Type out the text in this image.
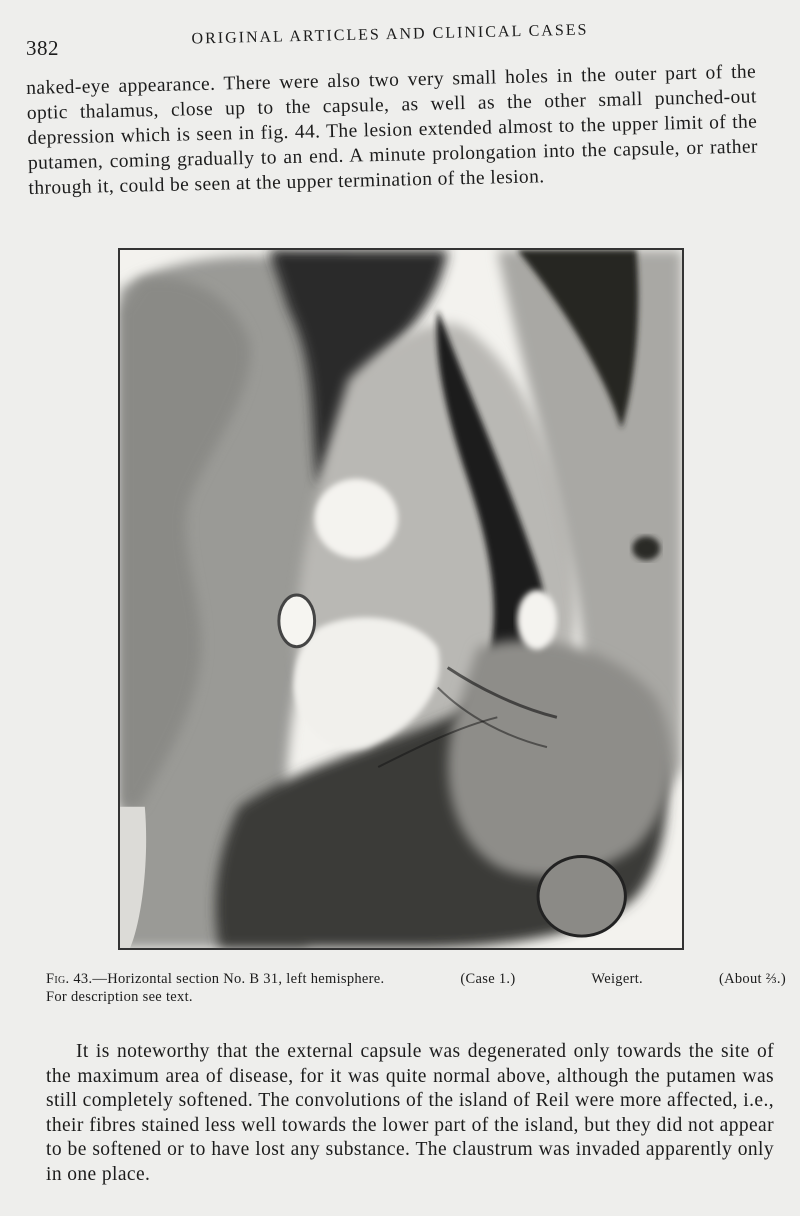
382
ORIGINAL ARTICLES AND CLINICAL CASES
naked-eye appearance. There were also two very small holes in the outer part of the optic thalamus, close up to the capsule, as well as the other small punched-out depression which is seen in fig. 44. The lesion extended almost to the upper limit of the putamen, coming gradually to an end. A minute prolongation into the capsule, or rather through it, could be seen at the upper termination of the lesion.
Fig. 43.—Horizontal section No. B 31, left hemisphere.	(Case 1.)	Weigert.	(About ⅔.)
For description see text.
It is noteworthy that the external capsule was degenerated only towards the site of the maximum area of disease, for it was quite normal above, although the putamen was still completely softened. The convolutions of the island of Reil were more affected, i.e., their fibres stained less well towards the lower part of the island, but they did not appear to be softened or to have lost any substance. The claustrum was invaded apparently only in one place.
